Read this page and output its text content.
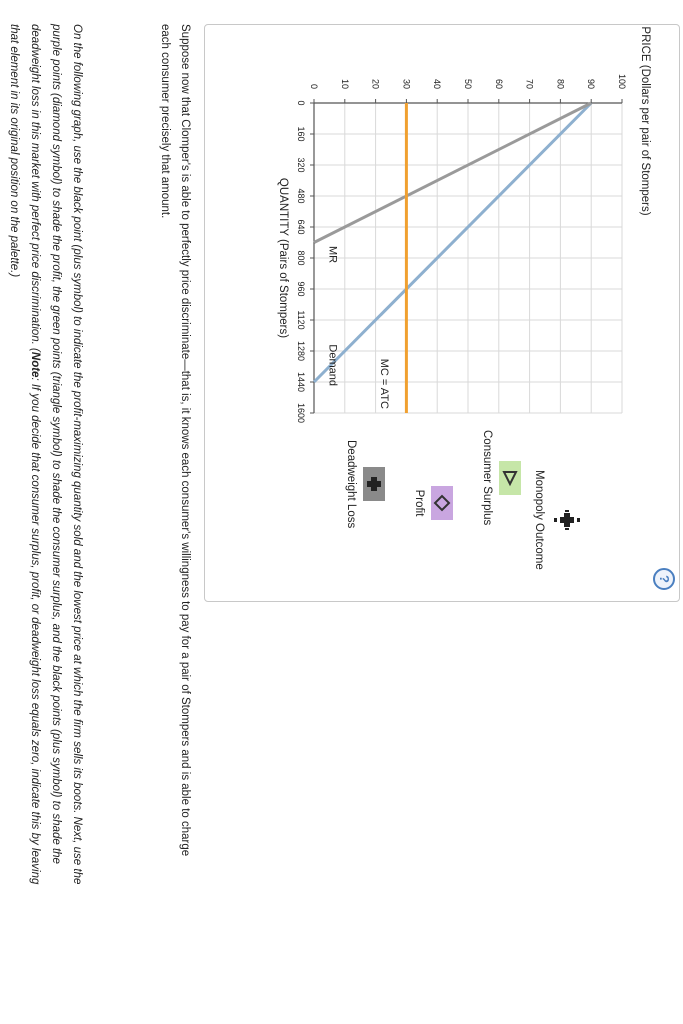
?
0 10 20 30 40 50 60 70 80 90 100
0
160
320
480
640
800
960
1120
1280
1440
1600
PRICE (Dollars per pair of Stompers)
QUANTITY (Pairs of Stompers)
Demand
MR
MC = ATC
Monopoly Outcome
Consumer Surplus
Profit
Deadweight Loss
Suppose now that Clomper's is able to perfectly price discriminate—that is, it knows each consumer's willingness to pay for a pair of Stompers and is able to charge each consumer precisely that amount.
On the following graph, use the black point (plus symbol) to indicate the profit-maximizing quantity sold and the lowest price at which the firm sells its boots. Next, use the purple points (diamond symbol) to shade the profit, the green points (triangle symbol) to shade the consumer surplus, and the black points (plus symbol) to shade the deadweight loss in this market with perfect price discrimination. (Note: If you decide that consumer surplus, profit, or deadweight loss equals zero, indicate this by leaving that element in its original position on the palette.)
